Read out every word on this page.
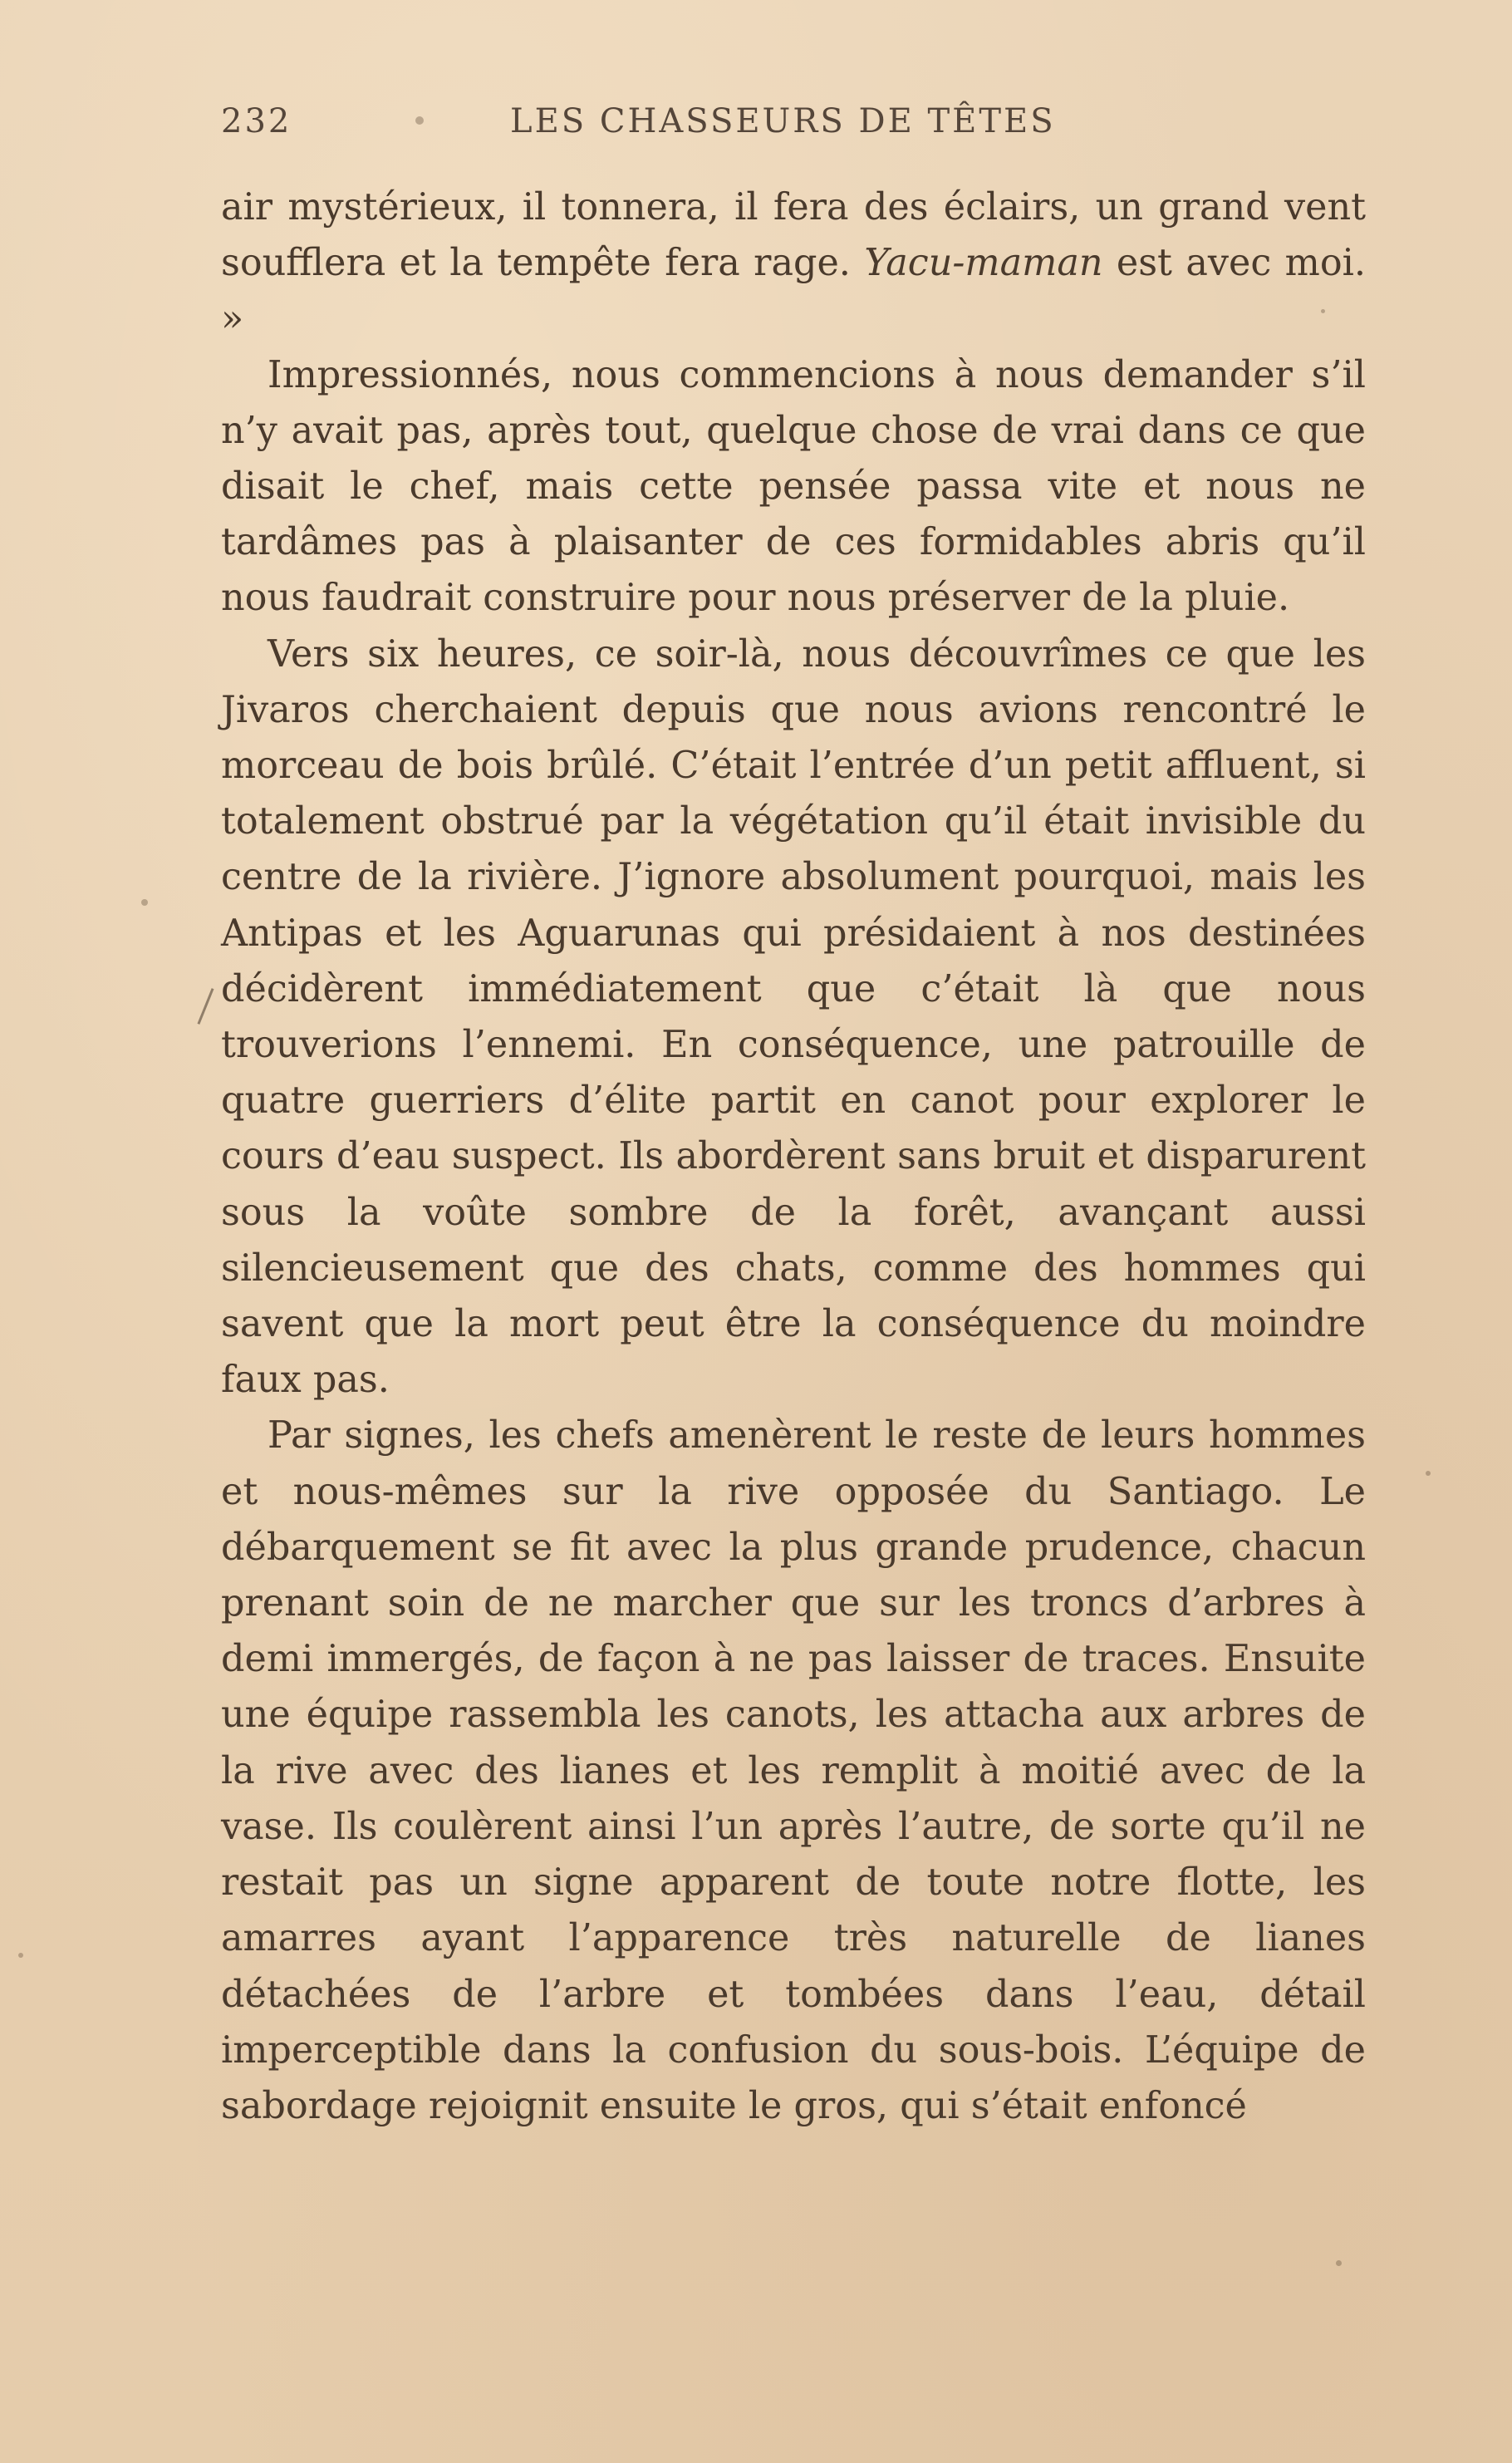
232	LES CHASSEURS DE TÊTES

air mystérieux, il tonnera, il fera des éclairs, un grand vent soufflera et la tempête fera rage. Yacu-maman est avec moi. »

Impressionnés, nous commencions à nous demander s’il n’y avait pas, après tout, quelque chose de vrai dans ce que disait le chef, mais cette pensée passa vite et nous ne tardâmes pas à plaisanter de ces formidables abris qu’il nous faudrait construire pour nous préserver de la pluie.

Vers six heures, ce soir-là, nous découvrîmes ce que les Jivaros cherchaient depuis que nous avions rencontré le morceau de bois brûlé. C’était l’entrée d’un petit affluent, si totalement obstrué par la végétation qu’il était invisible du centre de la rivière. J’ignore absolument pourquoi, mais les Antipas et les Aguarunas qui présidaient à nos destinées décidèrent immédiatement que c’était là que nous trouverions l’ennemi. En conséquence, une patrouille de quatre guerriers d’élite partit en canot pour explorer le cours d’eau suspect. Ils abordèrent sans bruit et disparurent sous la voûte sombre de la forêt, avançant aussi silencieusement que des chats, comme des hommes qui savent que la mort peut être la conséquence du moindre faux pas.

Par signes, les chefs amenèrent le reste de leurs hommes et nous-mêmes sur la rive opposée du Santiago. Le débarquement se fit avec la plus grande prudence, chacun prenant soin de ne marcher que sur les troncs d’arbres à demi immergés, de façon à ne pas laisser de traces. Ensuite une équipe rassembla les canots, les attacha aux arbres de la rive avec des lianes et les remplit à moitié avec de la vase. Ils coulèrent ainsi l’un après l’autre, de sorte qu’il ne restait pas un signe apparent de toute notre flotte, les amarres ayant l’apparence très naturelle de lianes détachées de l’arbre et tombées dans l’eau, détail imperceptible dans la confusion du sous-bois. L’équipe de sabordage rejoignit ensuite le gros, qui s’était enfoncé
